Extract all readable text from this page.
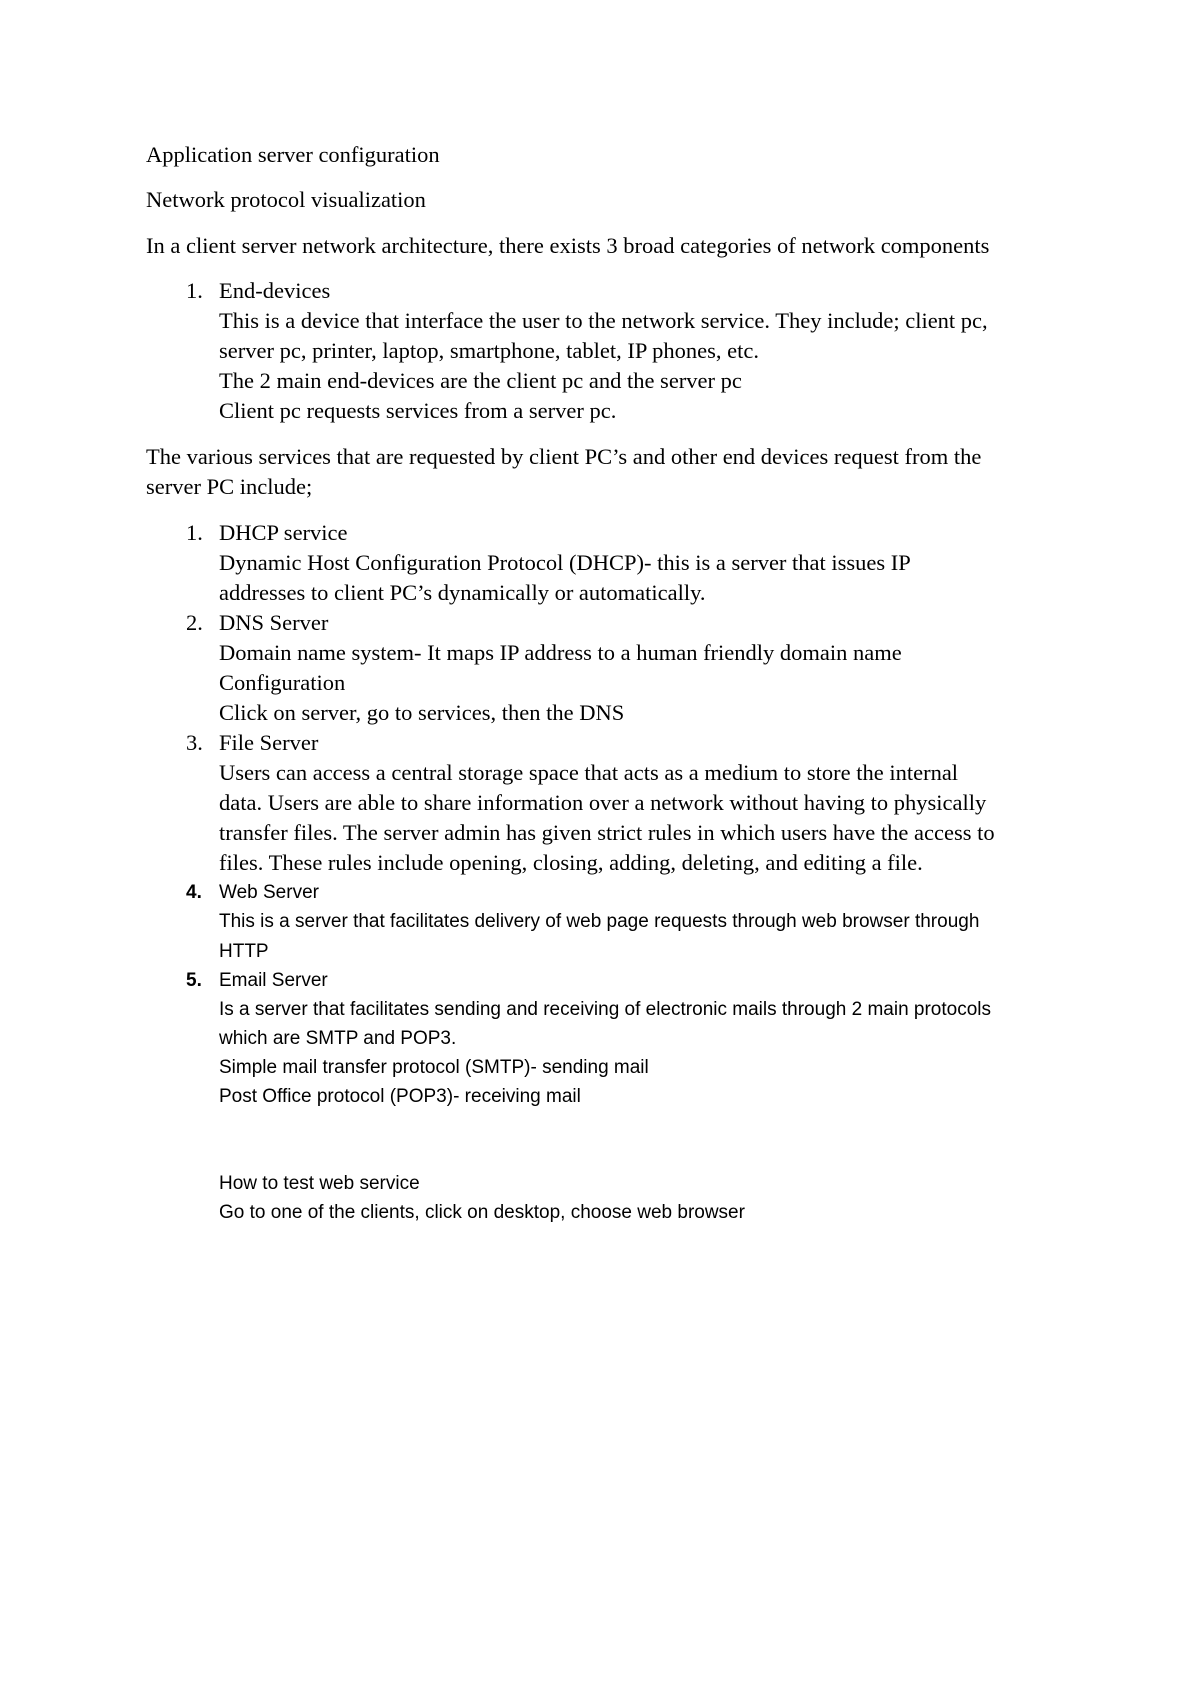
Application server configuration

Network protocol visualization

In a client server network architecture, there exists 3 broad categories of network components

1. End-devices

This is a device that interface the user to the network service. They include; client pc,

server pc, printer, laptop, smartphone, tablet, IP phones, etc.

The 2 main end-devices are the client pc and the server pc

Client pc requests services from a server pc.

The various services that are requested by client PC’s and other end devices request from the

server PC include;

1. DHCP service

Dynamic Host Configuration Protocol (DHCP)- this is a server that issues IP

addresses to client PC’s dynamically or automatically.

2. DNS Server

Domain name system- It maps IP address to a human friendly domain name

Configuration

Click on server, go to services, then the DNS

3. File Server

Users can access a central storage space that acts as a medium to store the internal

data. Users are able to share information over a network without having to physically

transfer files. The server admin has given strict rules in which users have the access to

files. These rules include opening, closing, adding, deleting, and editing a file.

4. Web Server

This is a server that facilitates delivery of web page requests through web browser through

HTTP

5. Email Server

Is a server that facilitates sending and receiving of electronic mails through 2 main protocols

which are SMTP and POP3.

Simple mail transfer protocol (SMTP)- sending mail

Post Office protocol (POP3)- receiving mail

How to test web service

Go to one of the clients, click on desktop, choose web browser
